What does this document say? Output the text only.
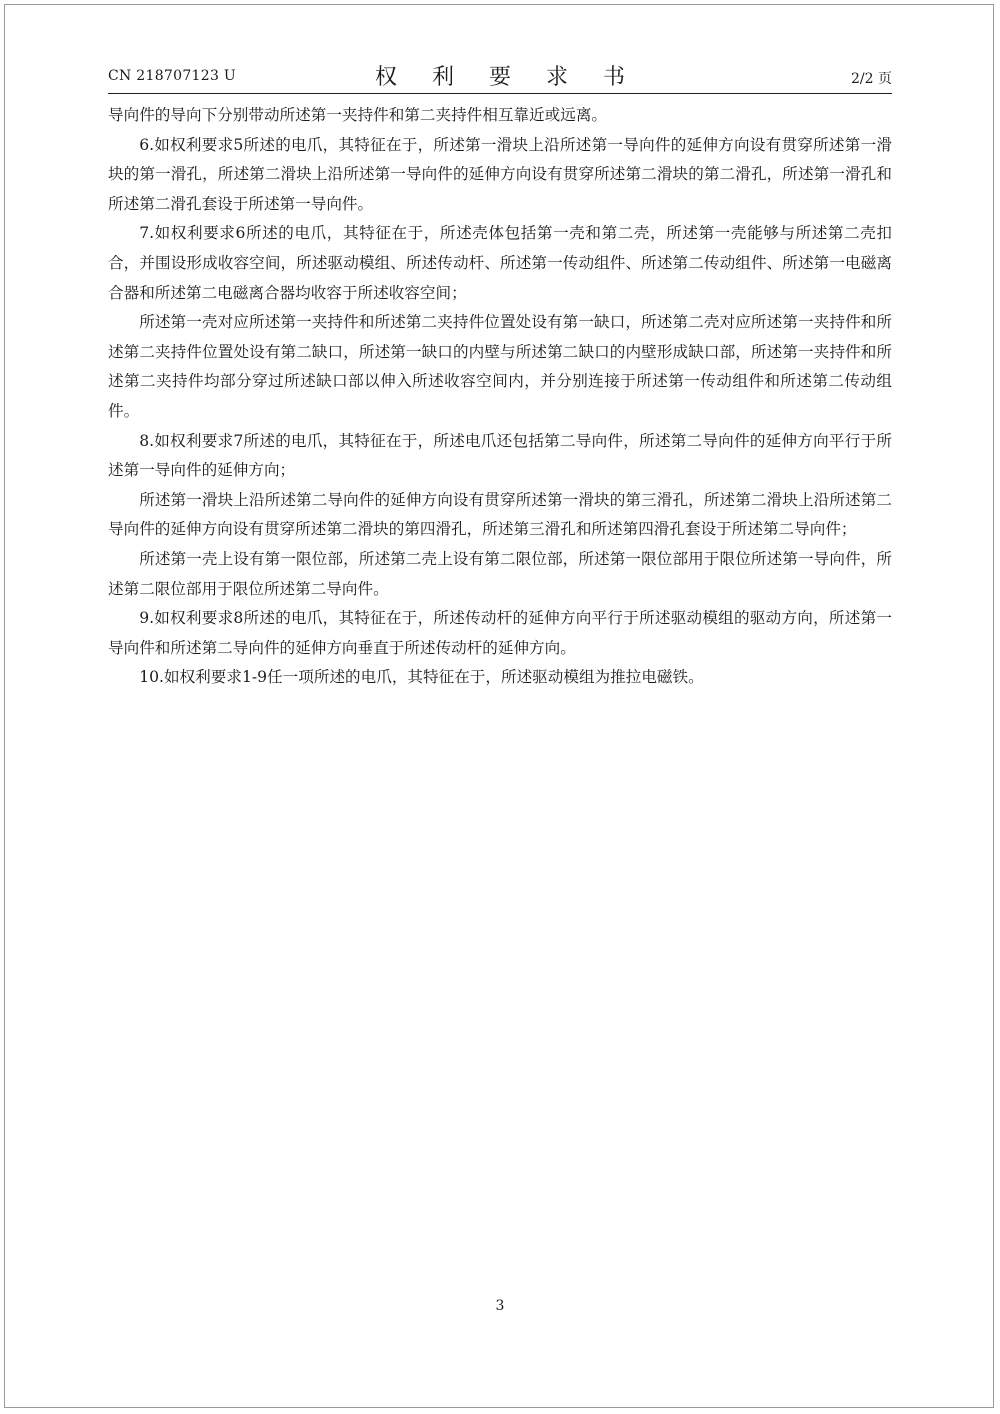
CN 218707123 U	权 利 要 求 书	2/2 页

导向件的导向下分别带动所述第一夹持件和第二夹持件相互靠近或远离。

6.如权利要求5所述的电爪，其特征在于，所述第一滑块上沿所述第一导向件的延伸方向设有贯穿所述第一滑块的第一滑孔，所述第二滑块上沿所述第一导向件的延伸方向设有贯穿所述第二滑块的第二滑孔，所述第一滑孔和所述第二滑孔套设于所述第一导向件。

7.如权利要求6所述的电爪，其特征在于，所述壳体包括第一壳和第二壳，所述第一壳能够与所述第二壳扣合，并围设形成收容空间，所述驱动模组、所述传动杆、所述第一传动组件、所述第二传动组件、所述第一电磁离合器和所述第二电磁离合器均收容于所述收容空间；

所述第一壳对应所述第一夹持件和所述第二夹持件位置处设有第一缺口，所述第二壳对应所述第一夹持件和所述第二夹持件位置处设有第二缺口，所述第一缺口的内壁与所述第二缺口的内壁形成缺口部，所述第一夹持件和所述第二夹持件均部分穿过所述缺口部以伸入所述收容空间内，并分别连接于所述第一传动组件和所述第二传动组件。

8.如权利要求7所述的电爪，其特征在于，所述电爪还包括第二导向件，所述第二导向件的延伸方向平行于所述第一导向件的延伸方向；

所述第一滑块上沿所述第二导向件的延伸方向设有贯穿所述第一滑块的第三滑孔，所述第二滑块上沿所述第二导向件的延伸方向设有贯穿所述第二滑块的第四滑孔，所述第三滑孔和所述第四滑孔套设于所述第二导向件；

所述第一壳上设有第一限位部，所述第二壳上设有第二限位部，所述第一限位部用于限位所述第一导向件，所述第二限位部用于限位所述第二导向件。

9.如权利要求8所述的电爪，其特征在于，所述传动杆的延伸方向平行于所述驱动模组的驱动方向，所述第一导向件和所述第二导向件的延伸方向垂直于所述传动杆的延伸方向。

10.如权利要求1-9任一项所述的电爪，其特征在于，所述驱动模组为推拉电磁铁。

3
